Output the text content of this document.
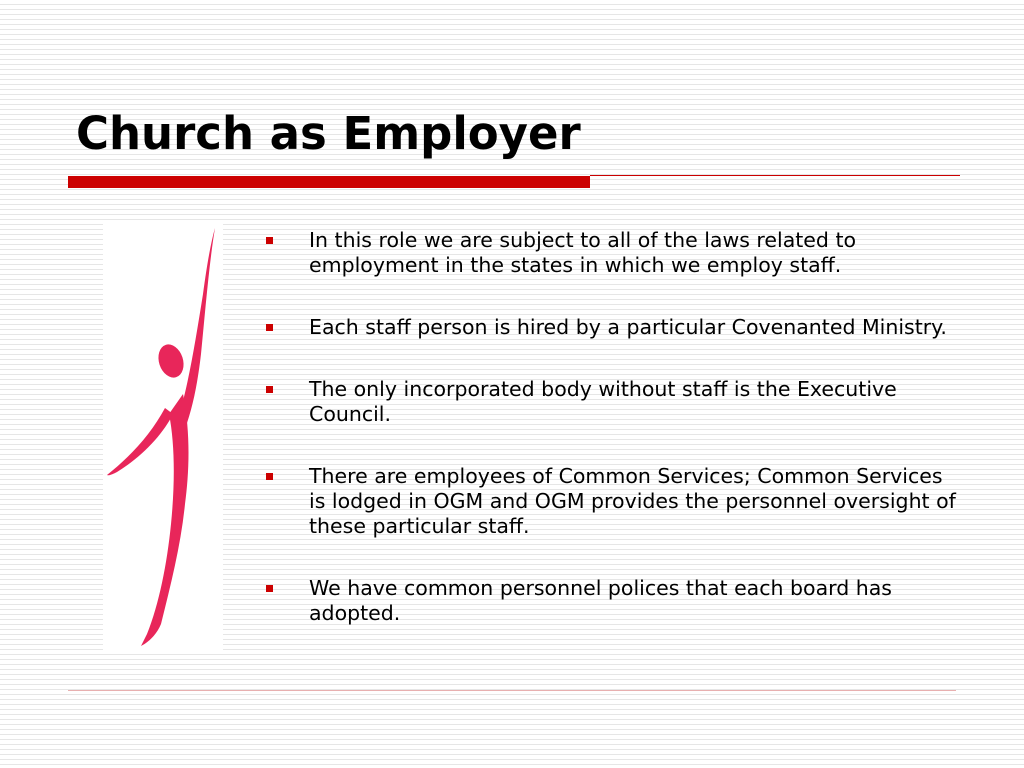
Church as Employer
In this role we are subject to all of the laws related to employment in the states in which we employ staff.
Each staff person is hired by a particular Covenanted Ministry.
The only incorporated body without staff is the Executive Council.
There are employees of Common Services; Common Services is lodged in OGM and OGM provides the personnel oversight of these particular staff.
We have common personnel polices that each board has adopted.
